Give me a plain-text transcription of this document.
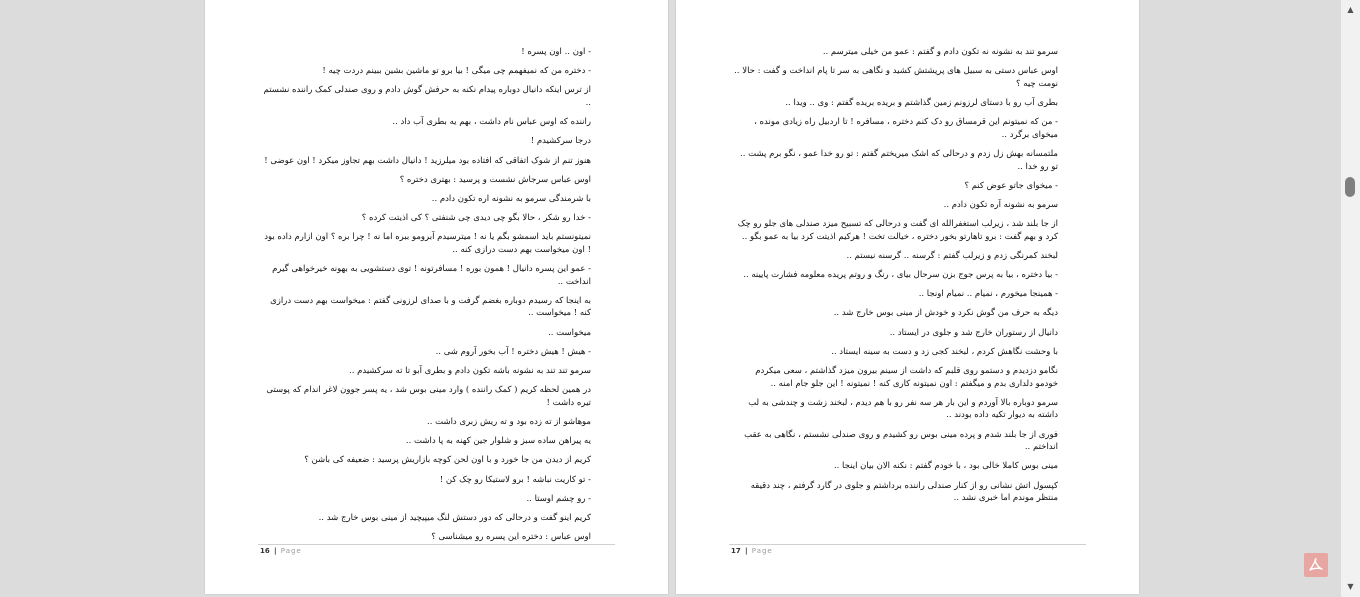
- اون .. اون پسره !

- دختره من که نمیفهمم چی میگی ! بیا برو تو ماشین بشین ببینم دردت چیه !

از ترس اینکه دانیال دوباره پیدام نکنه به حرفش گوش دادم و روی صندلی کمک راننده نشستم ..

راننده که اوس عباس نام داشت ، بهم یه بطری آب داد ..

درجا سرکشیدم !

هنوز تنم از شوک اتفاقی که افتاده بود میلرزید ! دانیال داشت بهم تجاوز میکرد ! اون عوضی !

اوس عباس سرجاش نشست و پرسید : بهتری دختره ؟

با شرمندگی سرمو به نشونه اره تکون دادم ..

- خدا رو شکر ، حالا بگو چی دیدی چی شنفتی ؟ کی اذیتت کرده ؟

نمیتونستم باید اسمشو بگم یا نه ! میترسیدم آبرومو ببره اما نه ! چرا بره ؟ اون ازارم داده بود ! اون میخواست بهم دست درازی کنه ..

- عمو این پسره دانیال ! همون بوره ! مسافرتونه ! توی دستشویی به بهونه خیرخواهی گیرم انداخت ..

به اینجا که رسیدم دوباره بغضم گرفت و با صدای لرزونی گفتم : میخواست بهم دست درازی کنه ! میخواست ..

میخواست ..

- هیش ! هیش دختره ! آب بخور آروم شی ..

سرمو تند تند به نشونه باشه تکون دادم و بطری آبو تا ته سرکشیدم ..

در همین لحظه کریم ( کمک راننده ) وارد مینی بوس شد ، یه پسر جوون لاغر اندام که پوستی تیره داشت !

موهاشو از ته زده بود و ته ریش زبری داشت ..

یه پیراهن ساده سبز و شلوار جین کهنه به پا داشت ..

کریم از دیدن من جا خورد و با اون لحن کوچه بازاریش پرسید : ضعیفه کی باشن ؟

- تو کاریت نباشه ! برو لاستیکا رو چک کن !

- رو چشم اوستا ..

کریم اینو گفت و درحالی که دور دستش لنگ میپیچید از مینی بوس خارج شد ..

اوس عباس : دختره این پسره رو میشناسی ؟

16 | Page

سرمو تند به نشونه نه تکون دادم و گفتم : عمو من خیلی میترسم ..

اوس عباس دستی به سبیل های پرپشتش کشید و نگاهی به سر تا پام انداخت و گفت : حالا .. نومت چیه ؟

بطری آب رو با دستای لرزونم زمین گذاشتم و بریده بریده گفتم : وی .. ویدا ..

- من که نمیتونم این قرمساق رو دک کنم دختره ، مسافره ! تا اردبیل راه زیادی مونده ، میخوای برگرد ..

ملتمسانه بهش زل زدم و درحالی که اشک میریختم گفتم : تو رو خدا عمو ، نگو برم پشت .. تو رو خدا ..

- میخوای جاتو عوض کنم ؟

سرمو به نشونه آره تکون دادم ..

از جا بلند شد ، زیرلب استغفرالله ای گفت و درحالی که تسبیح میزد صندلی های جلو رو چک کرد و بهم گفت : برو تاهارتو بخور دختره ، خیالت تخت ! هرکیم اذیتت کرد بیا به عمو بگو ..

لبخند کمرنگی زدم و زیرلب گفتم : گرسنه .. گرسنه نیستم ..

- بیا دختره ، بیا به پرس جوج بزن سرحال بیای ، رنگ و روتم پریده معلومه فشارت پایینه ..

- همینجا میخورم ، نمیام .. نمیام اونجا ..

دیگه به حرف من گوش نکرد و خودش از مینی بوس خارج شد ..

دانیال از رستوران خارج شد و جلوی در ایستاد ..

با وحشت نگاهش کردم ، لبخند کجی زد و دست به سینه ایستاد ..

نگامو دزدیدم و دستمو روی قلبم که داشت از سینم بیرون میزد گذاشتم ، سعی میکردم خودمو دلداری بدم و میگفتم : اون نمیتونه کاری کنه ! نمیتونه ! این جلو جام امنه ..

سرمو دوباره بالا آوردم و این بار هر سه نفر رو با هم دیدم ، لبخند زشت و چندشی به لب داشته به دیوار تکیه داده بودند ..

فوری از جا بلند شدم و پرده مینی بوس رو کشیدم و روی صندلی نشستم ، نگاهی به عقب انداختم ..

مینی بوس کاملا خالی بود ، با خودم گفتم : نکنه الان بیان اینجا ..

کپسول اتش نشانی رو از کنار صندلی راننده برداشتم و جلوی در گارد گرفتم ، چند دقیقه منتظر موندم اما خبری نشد ..

17 | Page
▲
▼
